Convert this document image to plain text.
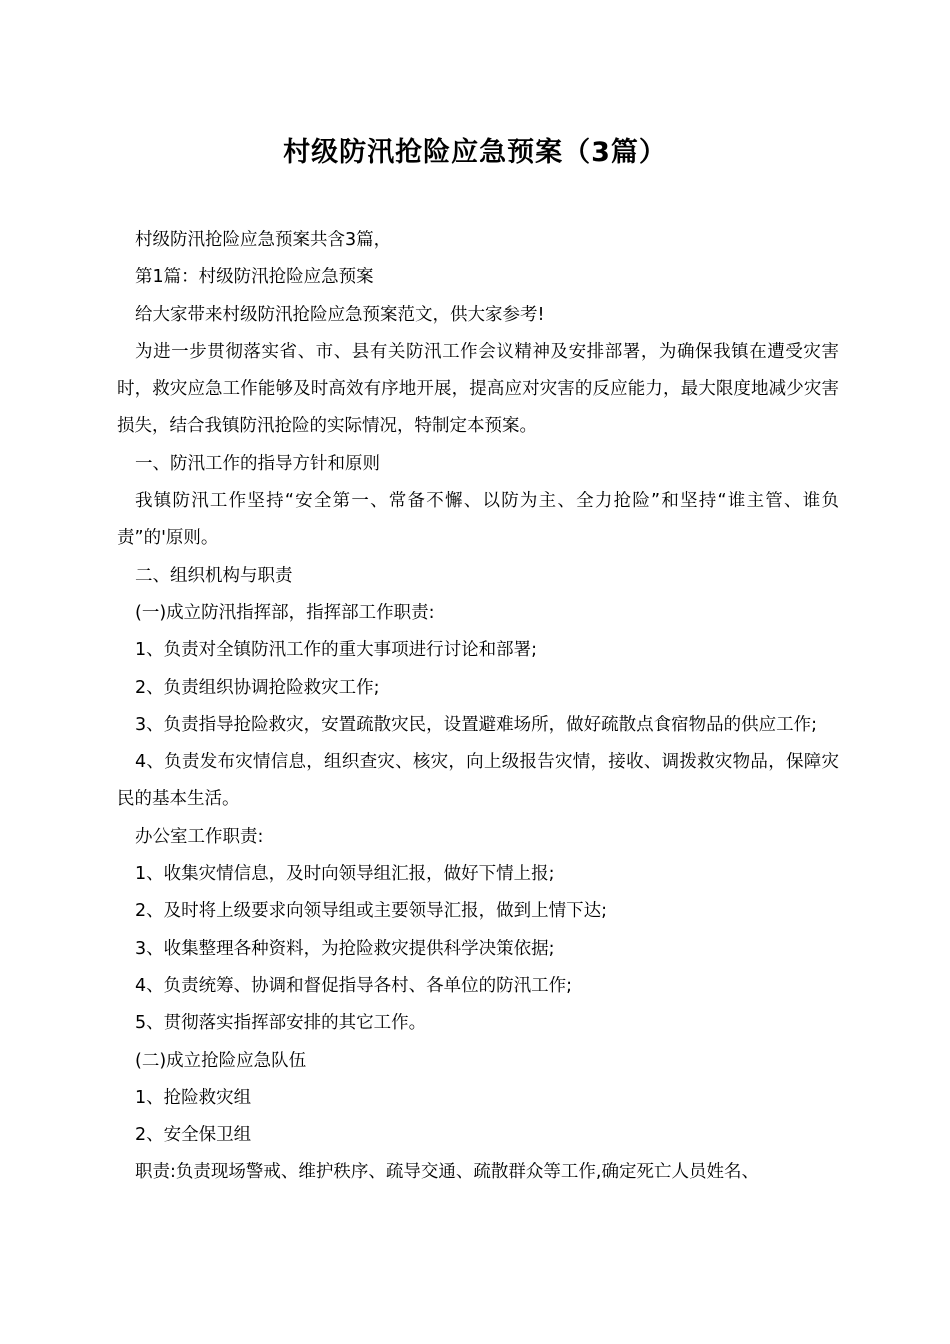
村级防汛抢险应急预案（3篇）

村级防汛抢险应急预案共含3篇，

第1篇：村级防汛抢险应急预案

给大家带来村级防汛抢险应急预案范文，供大家参考!

为进一步贯彻落实省、市、县有关防汛工作会议精神及安排部署，为确保我镇在遭受灾害时，救灾应急工作能够及时高效有序地开展，提高应对灾害的反应能力，最大限度地减少灾害损失，结合我镇防汛抢险的实际情况，特制定本预案。

一、防汛工作的指导方针和原则

我镇防汛工作坚持“安全第一、常备不懈、以防为主、全力抢险”和坚持“谁主管、谁负责”的'原则。

二、组织机构与职责

(一)成立防汛指挥部，指挥部工作职责:

1、负责对全镇防汛工作的重大事项进行讨论和部署;

2、负责组织协调抢险救灾工作;

3、负责指导抢险救灾，安置疏散灾民，设置避难场所，做好疏散点食宿物品的供应工作;

4、负责发布灾情信息，组织查灾、核灾，向上级报告灾情，接收、调拨救灾物品，保障灾民的基本生活。

办公室工作职责:

1、收集灾情信息，及时向领导组汇报，做好下情上报;

2、及时将上级要求向领导组或主要领导汇报，做到上情下达;

3、收集整理各种资料，为抢险救灾提供科学决策依据;

4、负责统筹、协调和督促指导各村、各单位的防汛工作;

5、贯彻落实指挥部安排的其它工作。

(二)成立抢险应急队伍

1、抢险救灾组

2、安全保卫组

职责:负责现场警戒、维护秩序、疏导交通、疏散群众等工作,确定死亡人员姓名、
